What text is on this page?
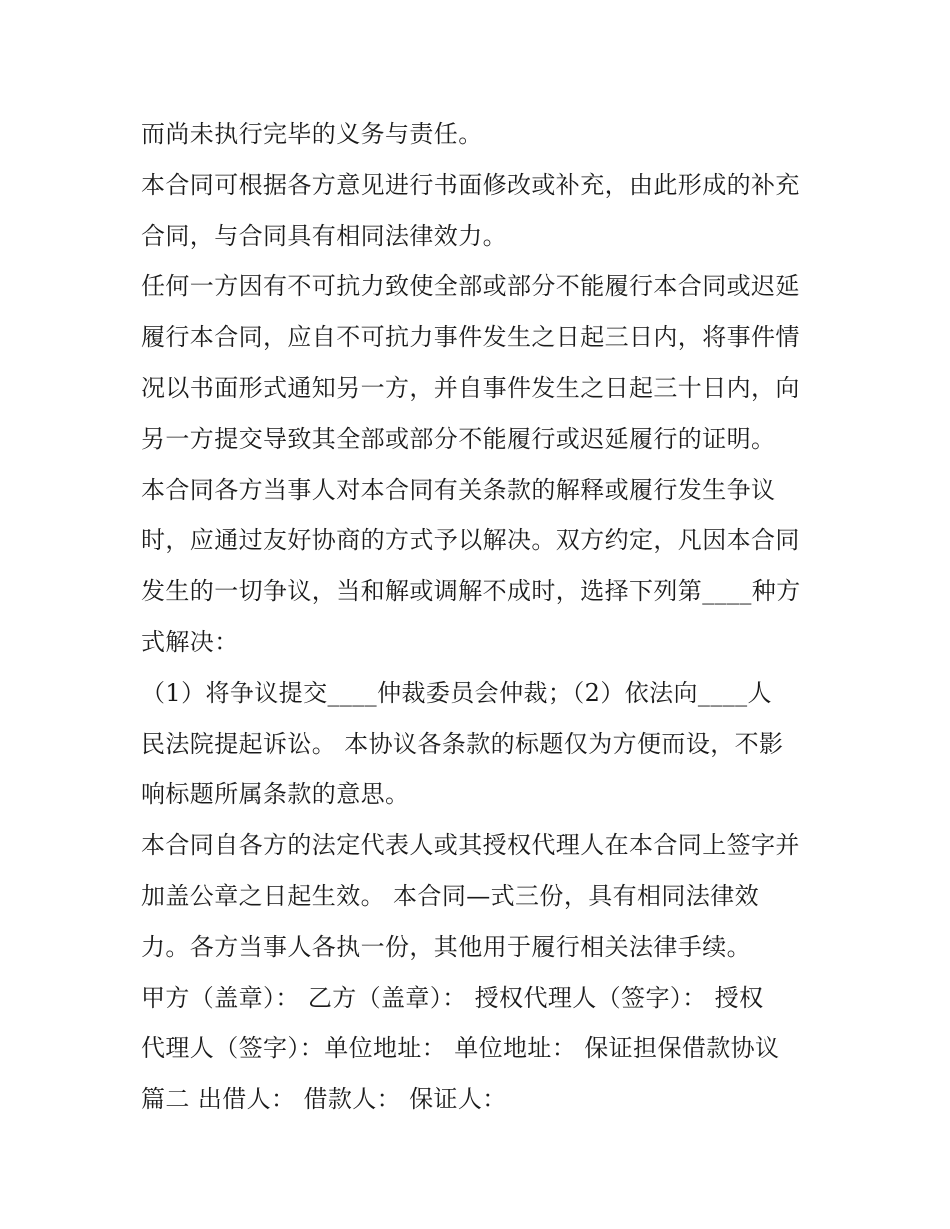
而尚未执行完毕的义务与责任。
本合同可根据各方意见进行书面修改或补充，由此形成的补充
合同，与合同具有相同法律效力。
任何一方因有不可抗力致使全部或部分不能履行本合同或迟延
履行本合同，应自不可抗力事件发生之日起三日内，将事件情
况以书面形式通知另一方，并自事件发生之日起三十日内，向
另一方提交导致其全部或部分不能履行或迟延履行的证明。
本合同各方当事人对本合同有关条款的解释或履行发生争议
时，应通过友好协商的方式予以解决。双方约定，凡因本合同
发生的一切争议，当和解或调解不成时，选择下列第____种方
式解决：
（1）将争议提交____仲裁委员会仲裁；（2）依法向____人
民法院提起诉讼。 本协议各条款的标题仅为方便而设，不影
响标题所属条款的意思。
本合同自各方的法定代表人或其授权代理人在本合同上签字并
加盖公章之日起生效。 本合同—式三份，具有相同法律效
力。各方当事人各执一份，其他用于履行相关法律手续。
甲方（盖章）： 乙方（盖章）： 授权代理人（签字）： 授权
代理人（签字）：单位地址： 单位地址： 保证担保借款协议
篇二 出借人： 借款人： 保证人：
